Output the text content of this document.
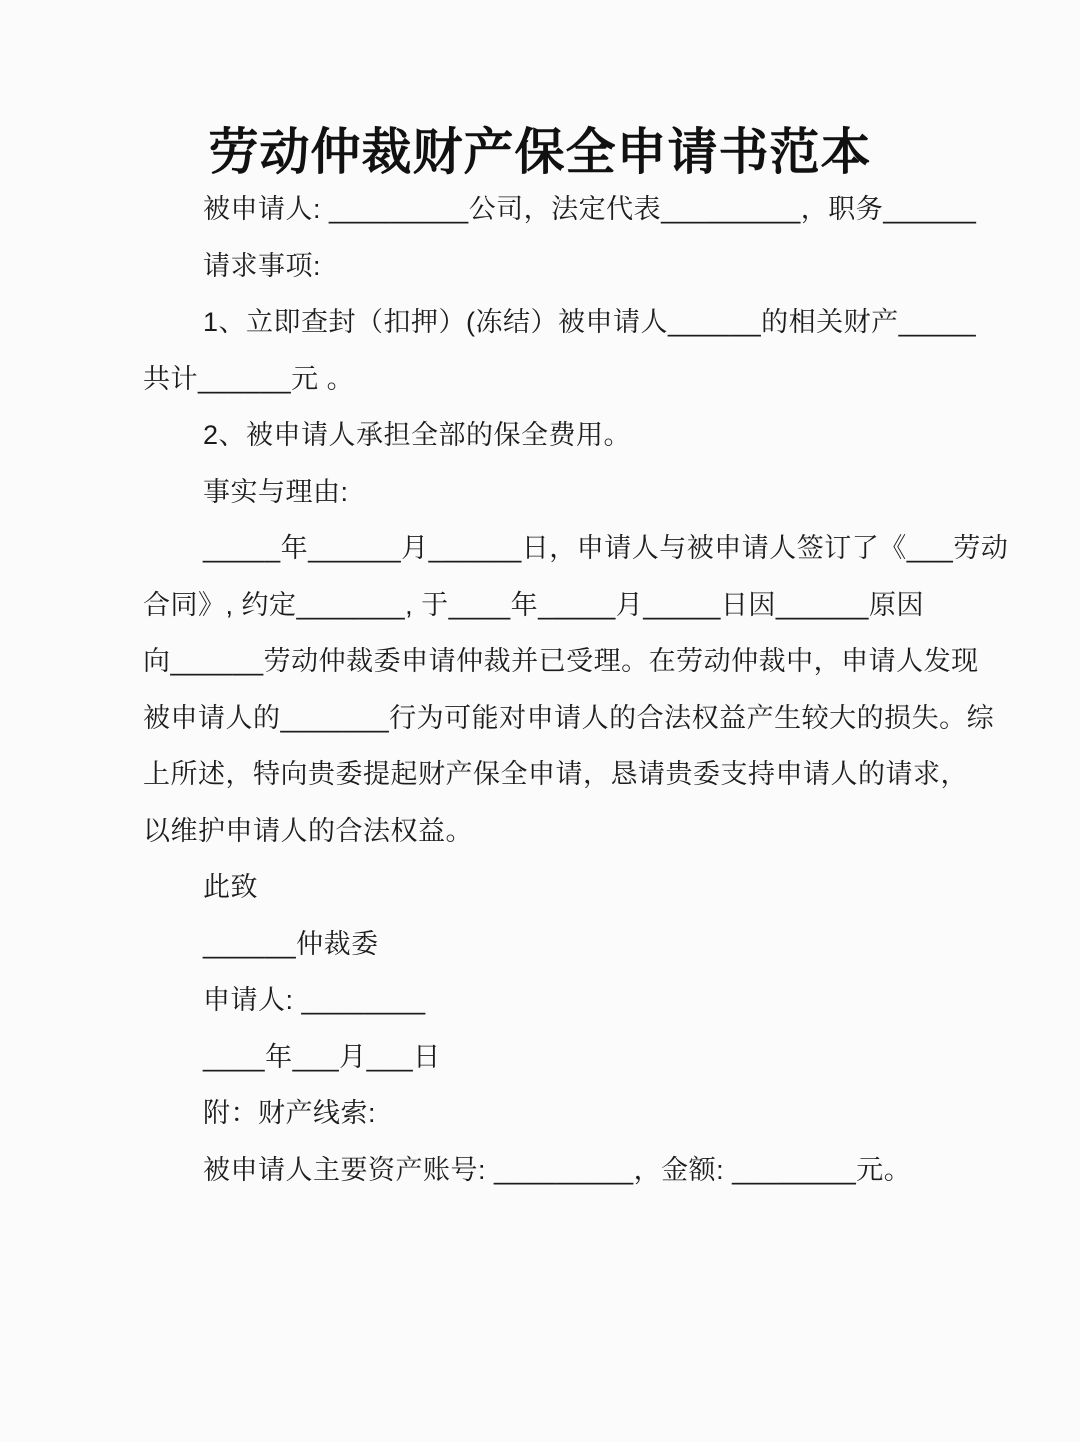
劳动仲裁财产保全申请书范本
被申请人: _________公司，法定代表_________，职务______
请求事项:
1、立即查封（扣押）(冻结）被申请人______的相关财产_____
共计______元 。
2、被申请人承担全部的保全费用。
事实与理由:
_____年______月______日，申请人与被申请人签订了《___劳动
合同》, 约定_______, 于____年_____月_____日因______原因
向______劳动仲裁委申请仲裁并已受理。在劳动仲裁中，申请人发现
被申请人的_______行为可能对申请人的合法权益产生较大的损失。综
上所述，特向贵委提起财产保全申请，恳请贵委支持申请人的请求，
以维护申请人的合法权益。
此致
______仲裁委
申请人: ________
____年___月___日
附：财产线索:
被申请人主要资产账号: _________，金额: ________元。
